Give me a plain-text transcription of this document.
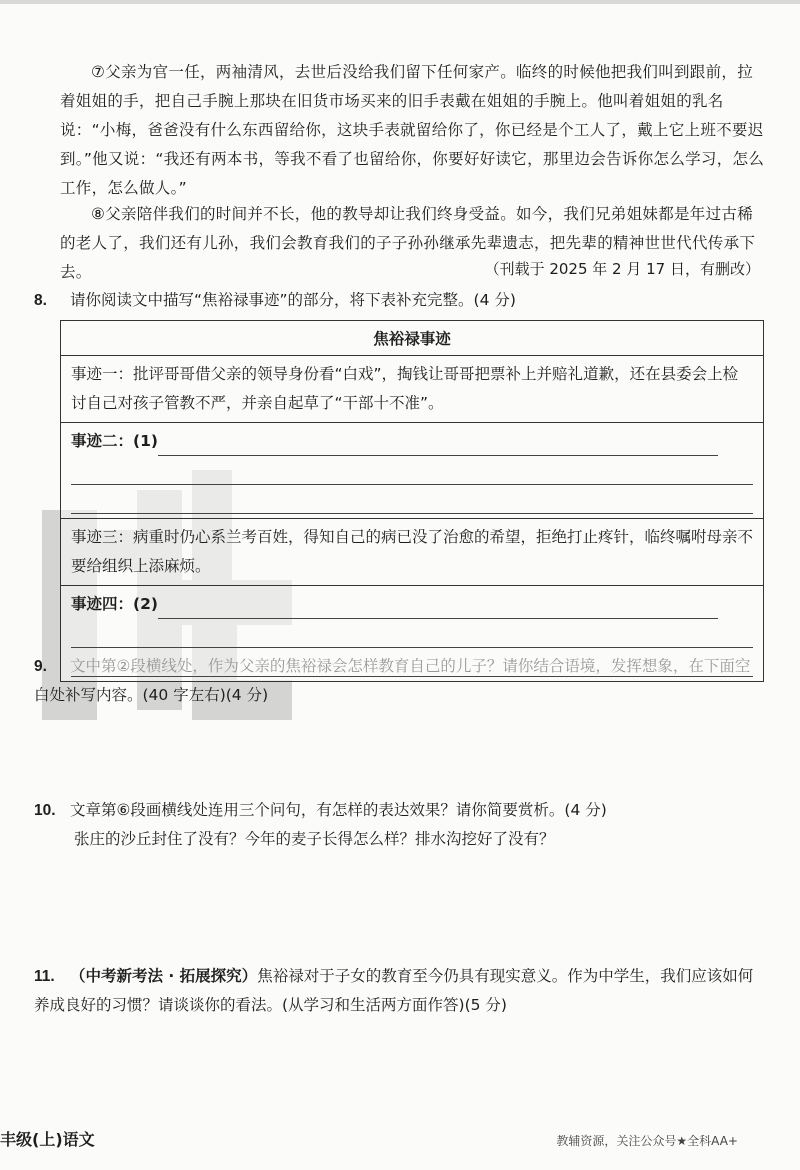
⑦父亲为官一任，两袖清风，去世后没给我们留下任何家产。临终的时候他把我们叫到跟前，拉着姐姐的手，把自己手腕上那块在旧货市场买来的旧手表戴在姐姐的手腕上。他叫着姐姐的乳名说：“小梅，爸爸没有什么东西留给你，这块手表就留给你了，你已经是个工人了，戴上它上班不要迟到。”他又说：“我还有两本书，等我不看了也留给你，你要好好读它，那里边会告诉你怎么学习，怎么工作，怎么做人。”

⑧父亲陪伴我们的时间并不长，他的教导却让我们终身受益。如今，我们兄弟姐妹都是年过古稀的老人了，我们还有儿孙，我们会教育我们的子子孙孙继承先辈遗志，把先辈的精神世世代代传承下去。	（刊载于 2025 年 2 月 17 日，有删改）
8. 请你阅读文中描写“焦裕禄事迹”的部分，将下表补充完整。(4 分)
焦裕禄事迹
事迹一：批评哥哥借父亲的领导身份看“白戏”，掏钱让哥哥把票补上并赔礼道歉，还在县委会上检讨自己对孩子管教不严，并亲自起草了“干部十不准”。

事迹二：(1)

事迹三：病重时仍心系兰考百姓，得知自己的病已没了治愈的希望，拒绝打止疼针，临终嘱咐母亲不要给组织上添麻烦。

事迹四：(2)
9. 白处补写内容。(40 字左右)(4 分)
10. 文章第⑥段画横线处连用三个问句，有怎样的表达效果？请你简要赏析。(4 分)
张庄的沙丘封住了没有？今年的麦子长得怎么样？排水沟挖好了没有？
11. （中考新考法 · 拓展探究）焦裕禄对于子女的教育至今仍具有现实意义。作为中学生，我们应该如何养成良好的习惯？请谈谈你的看法。(从学习和生活两方面作答)(5 分)
丰级(上)语文	教辅资源，关注公众号★全科AA+
